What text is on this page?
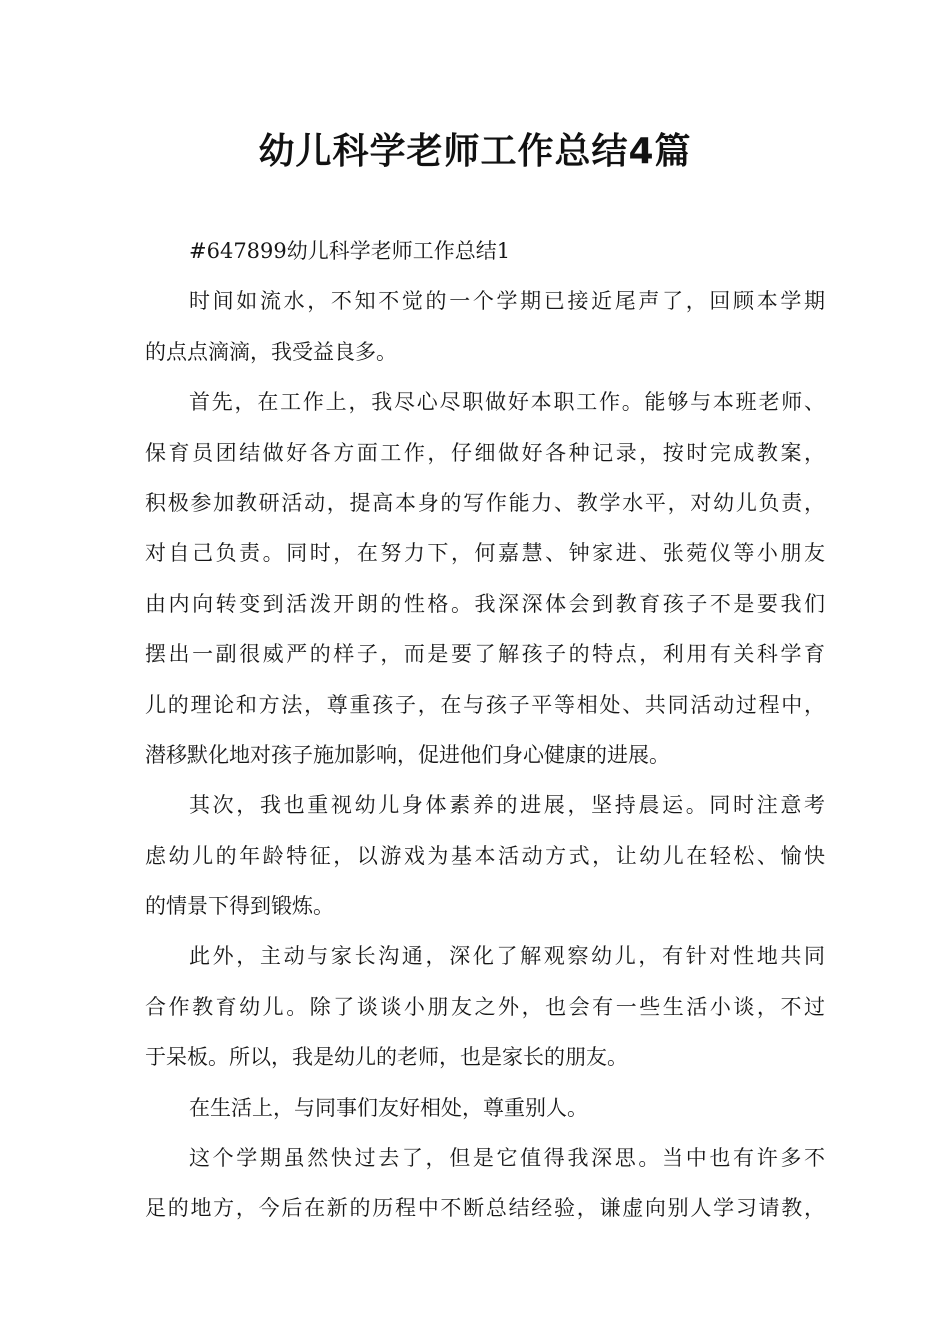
幼儿科学老师工作总结4篇
#647899幼儿科学老师工作总结1
时间如流水，不知不觉的一个学期已接近尾声了，回顾本学期
的点点滴滴，我受益良多。
首先，在工作上，我尽心尽职做好本职工作。能够与本班老师、
保育员团结做好各方面工作，仔细做好各种记录，按时完成教案，
积极参加教研活动，提高本身的写作能力、教学水平，对幼儿负责，
对自己负责。同时，在努力下，何嘉慧、钟家进、张菀仪等小朋友
由内向转变到活泼开朗的性格。我深深体会到教育孩子不是要我们
摆出一副很威严的样子，而是要了解孩子的特点，利用有关科学育
儿的理论和方法，尊重孩子，在与孩子平等相处、共同活动过程中，
潜移默化地对孩子施加影响，促进他们身心健康的进展。
其次，我也重视幼儿身体素养的进展，坚持晨运。同时注意考
虑幼儿的年龄特征，以游戏为基本活动方式，让幼儿在轻松、愉快
的情景下得到锻炼。
此外，主动与家长沟通，深化了解观察幼儿，有针对性地共同
合作教育幼儿。除了谈谈小朋友之外，也会有一些生活小谈，不过
于呆板。所以，我是幼儿的老师，也是家长的朋友。
在生活上，与同事们友好相处，尊重别人。
这个学期虽然快过去了，但是它值得我深思。当中也有许多不
足的地方，今后在新的历程中不断总结经验，谦虚向别人学习请教，
